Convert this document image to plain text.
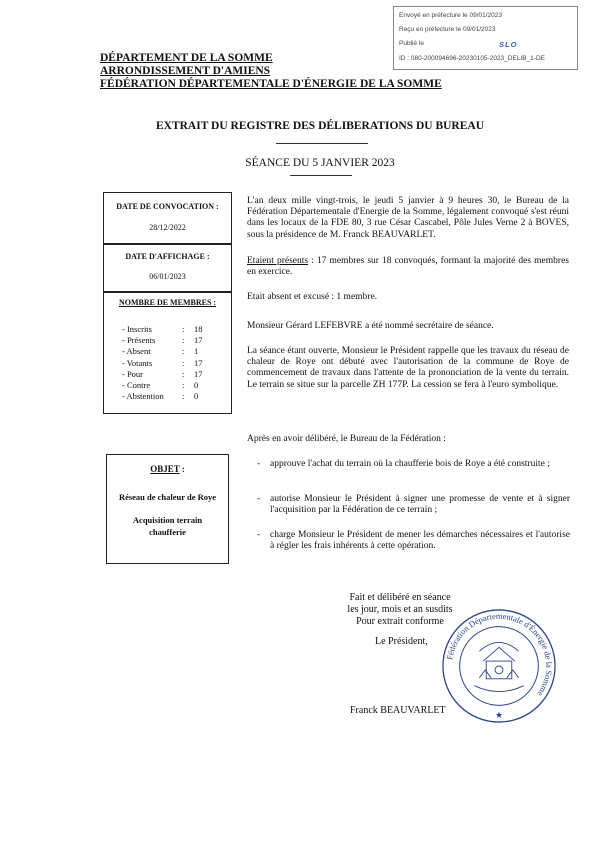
Envoyé en préfecture le 09/01/2023
Reçu en préfecture le 09/01/2023
Publié le	SLO
ID : 080-200094696-20230105-2023_DELIB_1-DE
DÉPARTEMENT DE LA SOMME
ARRONDISSEMENT D'AMIENS
FÉDÉRATION DÉPARTEMENTALE D'ÉNERGIE DE LA SOMME
EXTRAIT DU REGISTRE DES DÉLIBERATIONS DU BUREAU
SÉANCE DU 5 JANVIER 2023
DATE DE CONVOCATION :
28/12/2022
DATE D'AFFICHAGE :
06/01/2023
NOMBRE DE MEMBRES :
- Inscrits	: 18
- Présents	: 17
- Absent	: 1
- Votants	: 17
- Pour	: 17
- Contre	: 0
- Abstention : 0
OBJET :
Réseau de chaleur de Roye
Acquisition terrain
chaufferie
L'an deux mille vingt-trois, le jeudi 5 janvier à 9 heures 30, le Bureau de la Fédération Départementale d'Energie de la Somme, légalement convoqué s'est réuni dans les locaux de la FDE 80, 3 rue César Cascabel, Pôle Jules Verne 2 à BOVES, sous la présidence de M. Franck BEAUVARLET.
Etaient présents : 17 membres sur 18 convoqués, formant la majorité des membres en exercice.
Etait absent et excusé : 1 membre.
Monsieur Gérard LEFEBVRE a été nommé secrétaire de séance.
La séance étant ouverte, Monsieur le Président rappelle que les travaux du réseau de chaleur de Roye ont débuté avec l'autorisation de la commune de Roye de commencement de travaux dans l'attente de la prononciation de la vente du terrain. Le terrain se situe sur la parcelle ZH 177P. La cession se fera à l'euro symbolique.
Après en avoir délibéré, le Bureau de la Fédération :
- approuve l'achat du terrain où la chaufferie bois de Roye a été construite ;
- autorise Monsieur le Président à signer une promesse de vente et à signer l'acquisition par la Fédération de ce terrain ;
- charge Monsieur le Président de mener les démarches nécessaires et l'autorise à régler les frais inhérents à cette opération.
Fait et délibéré en séance
les jour, mois et an susdits
Pour extrait conforme
Le Président,
Franck BEAUVARLET
Fédération Départementale d'Énergie de la Somme
★
